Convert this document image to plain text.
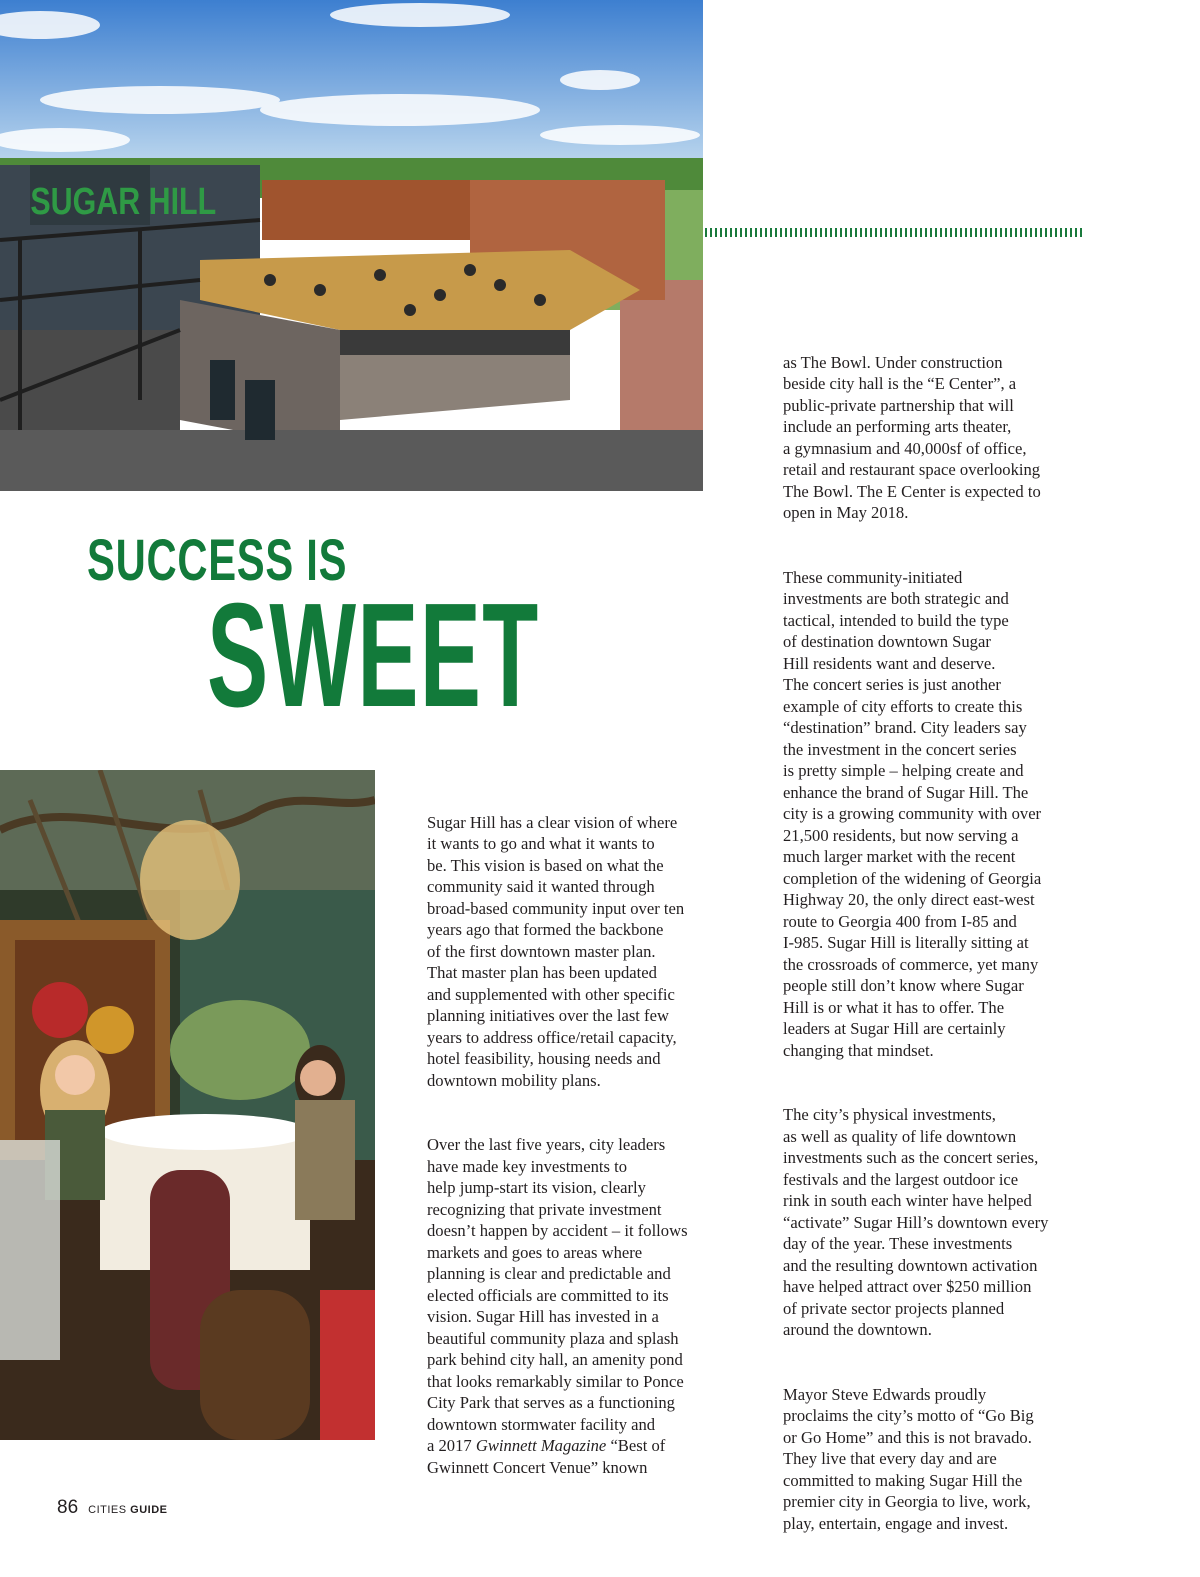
SUGAR HILL
SUCCESS IS
SWEET

Sugar Hill has a clear vision of where
it wants to go and what it wants to
be. This vision is based on what the
community said it wanted through
broad-based community input over ten
years ago that formed the backbone
of the first downtown master plan.
That master plan has been updated
and supplemented with other specific
planning initiatives over the last few
years to address office/retail capacity,
hotel feasibility, housing needs and
downtown mobility plans.

Over the last five years, city leaders
have made key investments to
help jump-start its vision, clearly
recognizing that private investment
doesn’t happen by accident – it follows
markets and goes to areas where
planning is clear and predictable and
elected officials are committed to its
vision. Sugar Hill has invested in a
beautiful community plaza and splash
park behind city hall, an amenity pond
that looks remarkably similar to Ponce
City Park that serves as a functioning
downtown stormwater facility and
a 2017 Gwinnett Magazine “Best of
Gwinnett Concert Venue” known

as The Bowl. Under construction
beside city hall is the “E Center”, a
public-private partnership that will
include an performing arts theater,
a gymnasium and 40,000sf of office,
retail and restaurant space overlooking
The Bowl. The E Center is expected to
open in May 2018.

These community-initiated
investments are both strategic and
tactical, intended to build the type
of destination downtown Sugar
Hill residents want and deserve.
The concert series is just another
example of city efforts to create this
“destination” brand. City leaders say
the investment in the concert series
is pretty simple – helping create and
enhance the brand of Sugar Hill. The
city is a growing community with over
21,500 residents, but now serving a
much larger market with the recent
completion of the widening of Georgia
Highway 20, the only direct east-west
route to Georgia 400 from I-85 and
I-985. Sugar Hill is literally sitting at
the crossroads of commerce, yet many
people still don’t know where Sugar
Hill is or what it has to offer. The
leaders at Sugar Hill are certainly
changing that mindset.

The city’s physical investments,
as well as quality of life downtown
investments such as the concert series,
festivals and the largest outdoor ice
rink in south each winter have helped
“activate” Sugar Hill’s downtown every
day of the year. These investments
and the resulting downtown activation
have helped attract over $250 million
of private sector projects planned
around the downtown.

Mayor Steve Edwards proudly
proclaims the city’s motto of “Go Big
or Go Home” and this is not bravado.
They live that every day and are
committed to making Sugar Hill the
premier city in Georgia to live, work,
play, entertain, engage and invest.

86 CITIES GUIDE
